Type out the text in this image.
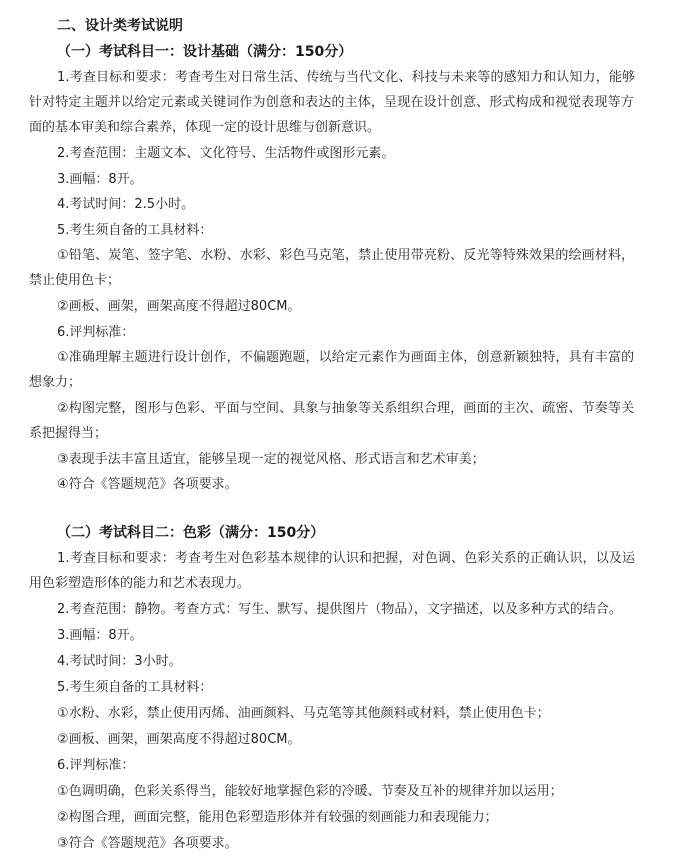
二、设计类考试说明
（一）考试科目一：设计基础（满分：150分）
1.考查目标和要求：考查考生对日常生活、传统与当代文化、科技与未来等的感知力和认知力，能够
针对特定主题并以给定元素或关键词作为创意和表达的主体，呈现在设计创意、形式构成和视觉表现等方
面的基本审美和综合素养，体现一定的设计思维与创新意识。
2.考查范围：主题文本、文化符号、生活物件或图形元素。
3.画幅：8开。
4.考试时间：2.5小时。
5.考生须自备的工具材料：
①铅笔、炭笔、签字笔、水粉、水彩、彩色马克笔，禁止使用带亮粉、反光等特殊效果的绘画材料，
禁止使用色卡；
②画板、画架，画架高度不得超过80CM。
6.评判标准：
①准确理解主题进行设计创作，不偏题跑题，以给定元素作为画面主体，创意新颖独特，具有丰富的
想象力；
②构图完整，图形与色彩、平面与空间、具象与抽象等关系组织合理，画面的主次、疏密、节奏等关
系把握得当；
③表现手法丰富且适宜，能够呈现一定的视觉风格、形式语言和艺术审美；
④符合《答题规范》各项要求。
（二）考试科目二：色彩（满分：150分）
1.考查目标和要求：考查考生对色彩基本规律的认识和把握，对色调、色彩关系的正确认识，以及运
用色彩塑造形体的能力和艺术表现力。
2.考查范围：静物。考查方式：写生、默写、提供图片（物品），文字描述，以及多种方式的结合。
3.画幅：8开。
4.考试时间：3小时。
5.考生须自备的工具材料：
①水粉、水彩，禁止使用丙烯、油画颜料、马克笔等其他颜料或材料，禁止使用色卡；
②画板、画架，画架高度不得超过80CM。
6.评判标准：
①色调明确，色彩关系得当，能较好地掌握色彩的冷暖、节奏及互补的规律并加以运用；
②构图合理，画面完整，能用色彩塑造形体并有较强的刻画能力和表现能力；
③符合《答题规范》各项要求。
